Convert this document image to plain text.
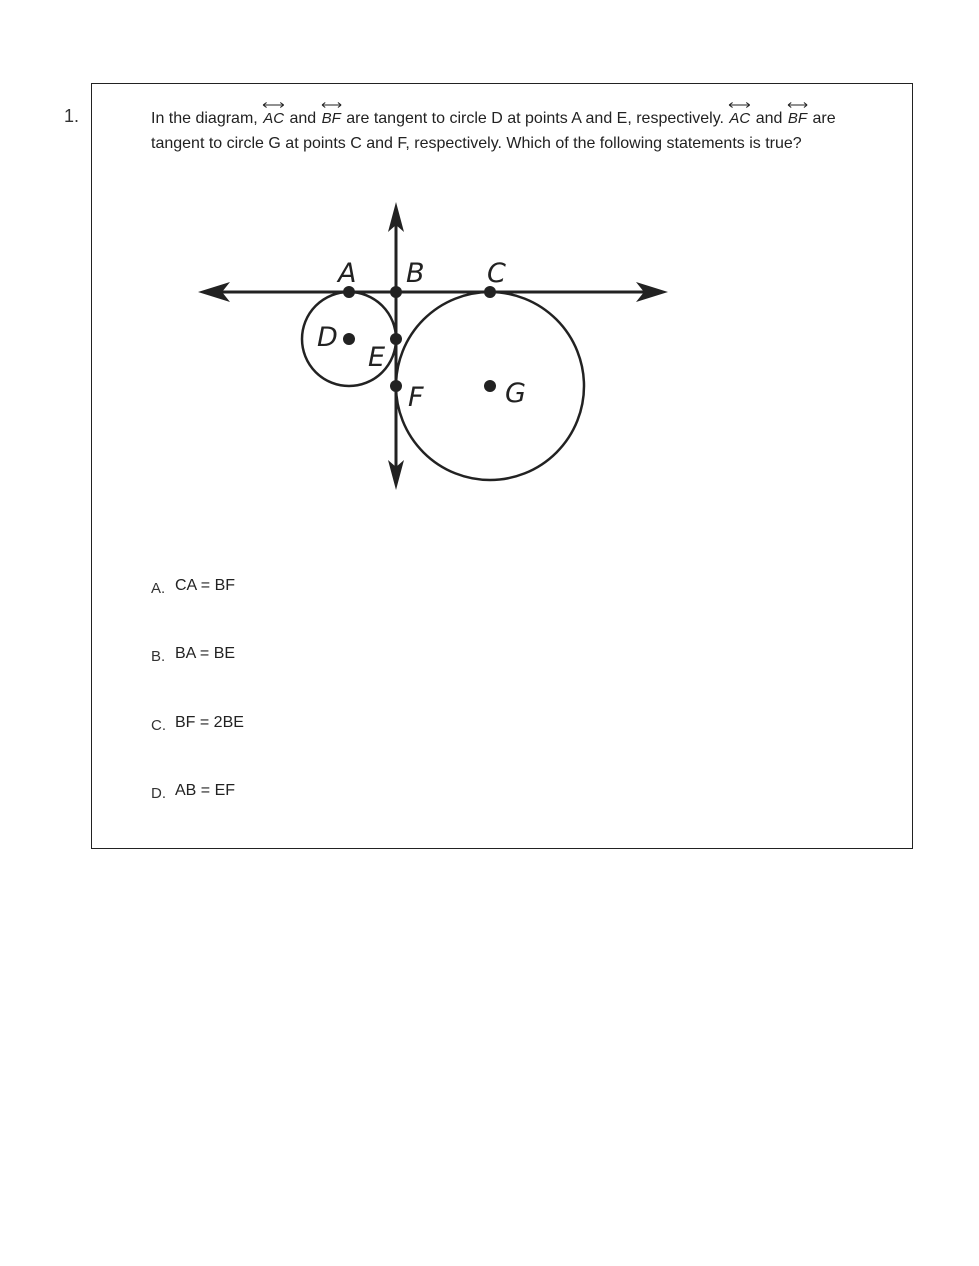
1.	In the diagram, AC and BF are tangent to circle D at points A and E, respectively. AC and BF are tangent to circle G at points C and F, respectively. Which of the following statements is true?
A B C
D
E
F	G
A. CA = BF
B. BA = BE
C. BF = 2BE
D. AB = EF
